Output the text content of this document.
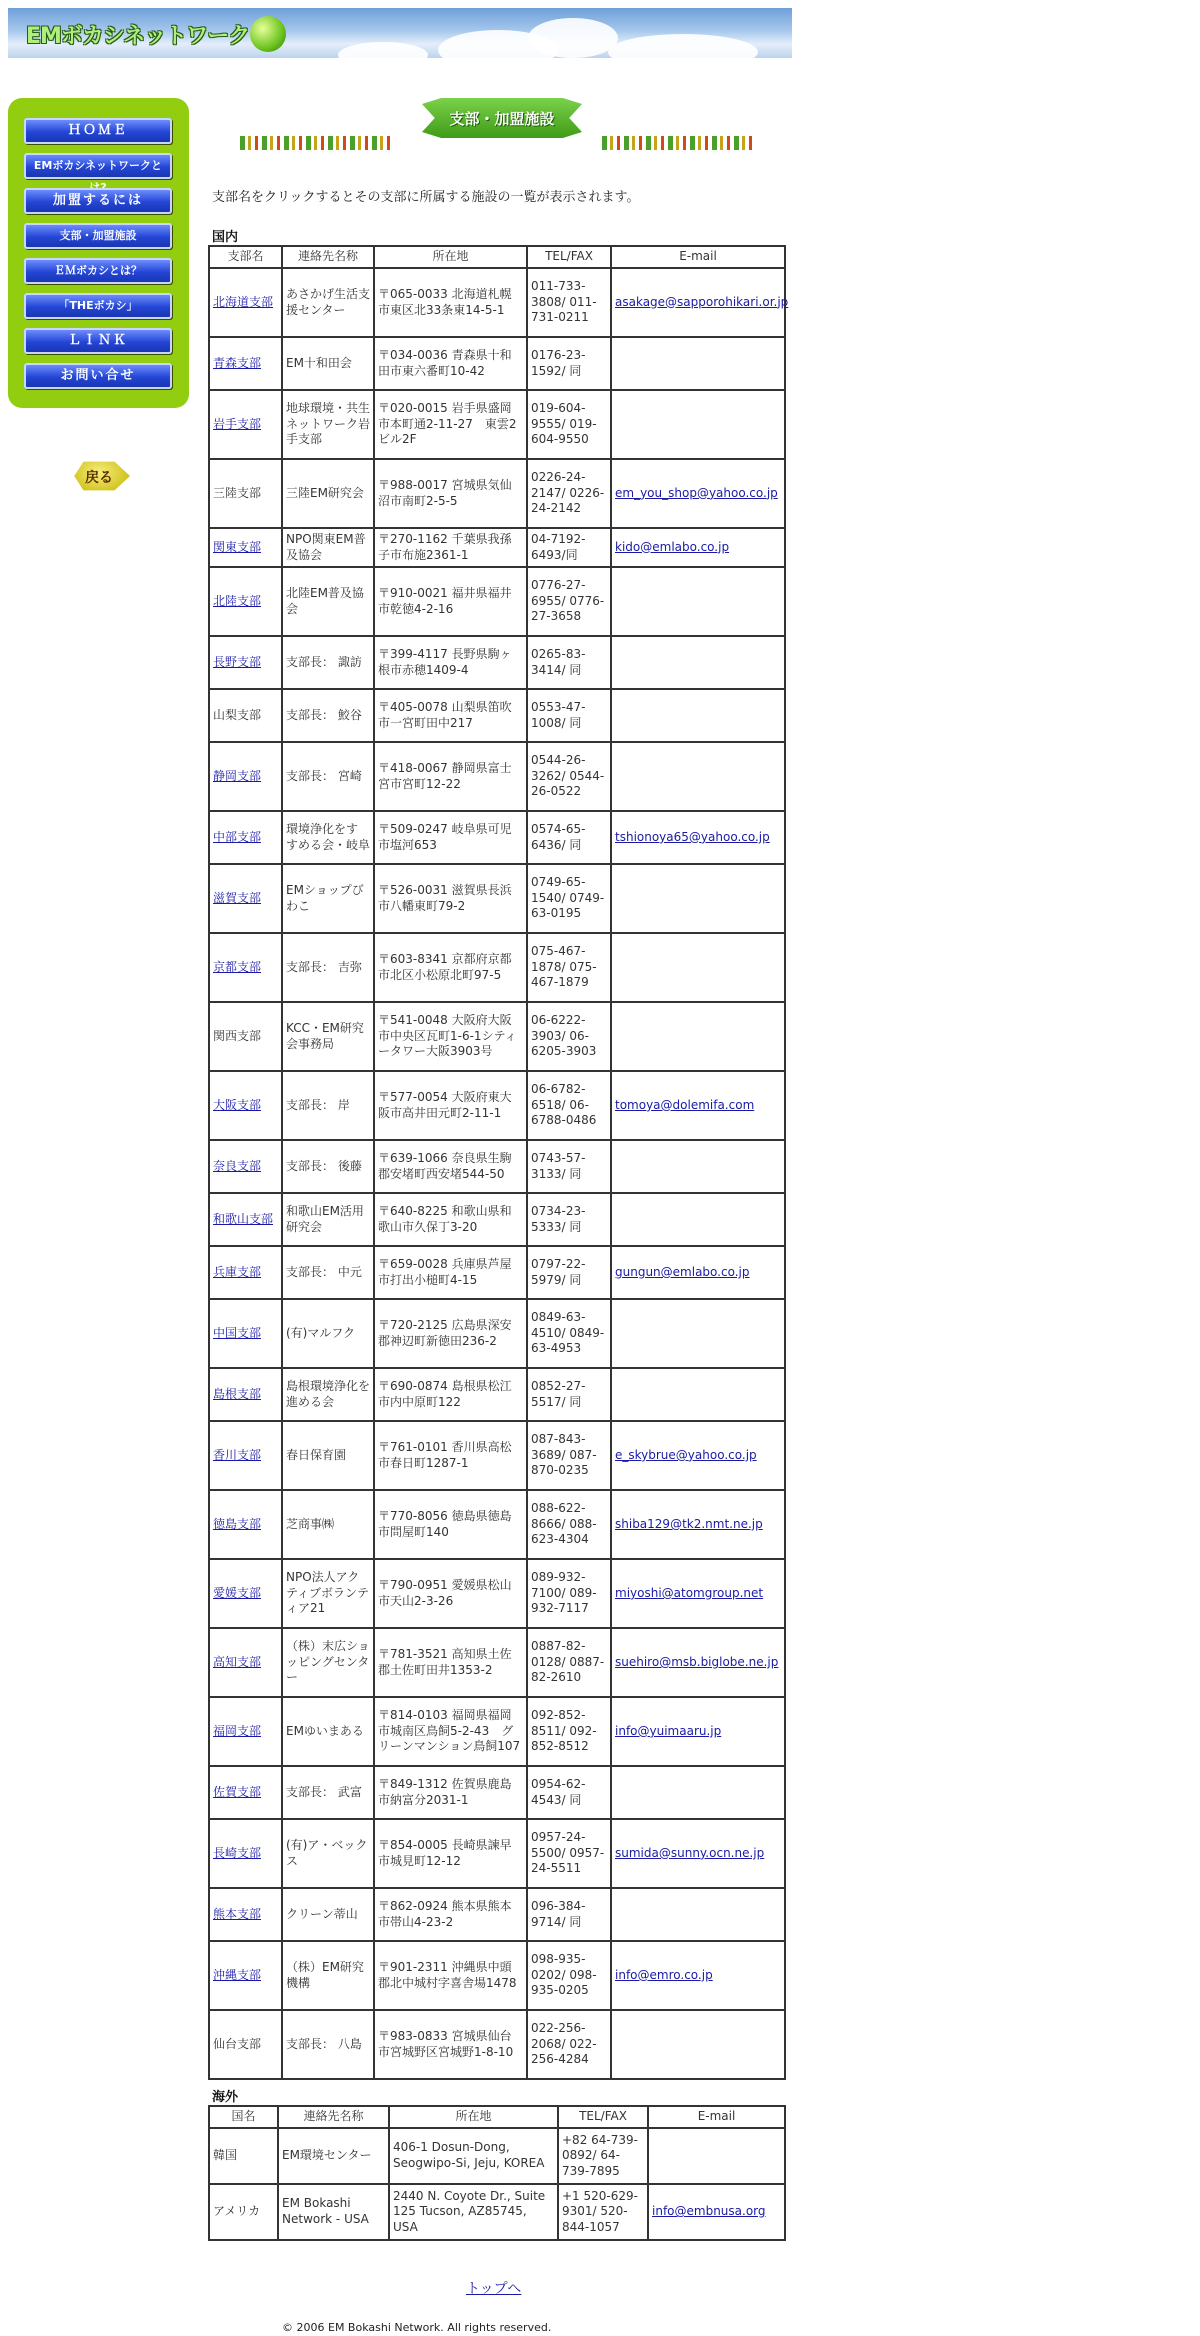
EMボカシネットワーク
ＨＯＭＥ
EMボカシネットワークと
加盟するには
支部・加盟施設
ＥＭボカシとは？
「THEボカシ」
ＬＩＮＫ
お問い合せ
戻る
支部・加盟施設
支部名をクリックするとその支部に所属する施設の一覧が表示されます。
国内
支部名	連絡先名称	所在地	TEL/FAX	E-mail
北海道支部	あさかげ生活支援センター	〒065-0033 北海道札幌市東区北33条東14-5-1	011-733-3808/ 011-731-0211	asakage@sapporohikari.or.jp
青森支部	EM十和田会	〒034-0036 青森県十和田市東六番町10-42	0176-23-1592/ 同	
岩手支部	地球環境・共生ネットワーク岩手支部	〒020-0015 岩手県盛岡市本町通2-11-27　東雲2ビル2F	019-604-9555/ 019-604-9550	
三陸支部	三陸EM研究会	〒988-0017 宮城県気仙沼市南町2-5-5	0226-24-2147/ 0226-24-2142	em_you_shop@yahoo.co.jp
関東支部	NPO関東EM普及協会	〒270-1162 千葉県我孫子市布施2361-1	04-7192-6493/同	kido@emlabo.co.jp
北陸支部	北陸EM普及協会	〒910-0021 福井県福井市乾徳4-2-16	0776-27-6955/ 0776-27-3658	
長野支部	支部長： 諏訪	〒399-4117 長野県駒ヶ根市赤穂1409-4	0265-83-3414/ 同	
山梨支部	支部長： 鮫谷	〒405-0078 山梨県笛吹市一宮町田中217	0553-47-1008/ 同	
静岡支部	支部長： 宮崎	〒418-0067 静岡県富士宮市宮町12-22	0544-26-3262/ 0544-26-0522	
中部支部	環境浄化をすすめる会・岐阜	〒509-0247 岐阜県可児市塩河653	0574-65-6436/ 同	tshionoya65@yahoo.co.jp
滋賀支部	EMショップびわこ	〒526-0031 滋賀県長浜市八幡東町79-2	0749-65-1540/ 0749-63-0195	
京都支部	支部長： 吉弥	〒603-8341 京都府京都市北区小松原北町97-5	075-467-1878/ 075-467-1879	
関西支部	KCC・EM研究会事務局	〒541-0048 大阪府大阪市中央区瓦町1-6-1シティータワー大阪3903号	06-6222-3903/ 06-6205-3903	
大阪支部	支部長： 岸	〒577-0054 大阪府東大阪市高井田元町2-11-1	06-6782-6518/ 06-6788-0486	tomoya@dolemifa.com
奈良支部	支部長： 後藤	〒639-1066 奈良県生駒郡安堵町西安堵544-50	0743-57-3133/ 同	
和歌山支部	和歌山EM活用研究会	〒640-8225 和歌山県和歌山市久保丁3-20	0734-23-5333/ 同	
兵庫支部	支部長： 中元	〒659-0028 兵庫県芦屋市打出小槌町4-15	0797-22-5979/ 同	gungun@emlabo.co.jp
中国支部	(有)マルフク	〒720-2125 広島県深安郡神辺町新徳田236-2	0849-63-4510/ 0849-63-4953	
島根支部	島根環境浄化を進める会	〒690-0874 島根県松江市内中原町122	0852-27-5517/ 同	
香川支部	春日保育園	〒761-0101 香川県高松市春日町1287-1	087-843-3689/ 087-870-0235	e_skybrue@yahoo.co.jp
徳島支部	芝商事㈱	〒770-8056 徳島県徳島市問屋町140	088-622-8666/ 088-623-4304	shiba129@tk2.nmt.ne.jp
愛媛支部	NPO法人アクティブボランティア21	〒790-0951 愛媛県松山市天山2-3-26	089-932-7100/ 089-932-7117	miyoshi@atomgroup.net
高知支部	（株）末広ショッピングセンター	〒781-3521 高知県土佐郡土佐町田井1353-2	0887-82-0128/ 0887-82-2610	suehiro@msb.biglobe.ne.jp
福岡支部	EMゆいまある	〒814-0103 福岡県福岡市城南区鳥飼5-2-43　グリーンマンション鳥飼107	092-852-8511/ 092-852-8512	info@yuimaaru.jp
佐賀支部	支部長： 武富	〒849-1312 佐賀県鹿島市納富分2031-1	0954-62-4543/ 同	
長崎支部	(有)ア・ベックス	〒854-0005 長崎県諫早市城見町12-12	0957-24-5500/ 0957-24-5511	sumida@sunny.ocn.ne.jp
熊本支部	クリーン蒂山	〒862-0924 熊本県熊本市帯山4-23-2	096-384-9714/ 同	
沖縄支部	（株）EM研究機構	〒901-2311 沖縄県中頭郡北中城村字喜舎場1478	098-935-0202/ 098-935-0205	info@emro.co.jp
仙台支部	支部長： 八島	〒983-0833 宮城県仙台市宮城野区宮城野1-8-10	022-256-2068/ 022-256-4284	
海外
国名	連絡先名称	所在地	TEL/FAX	E-mail
韓国	EM環境センター	406-1 Dosun-Dong, Seogwipo-Si, Jeju, KOREA	+82 64-739-0892/ 64-739-7895	
アメリカ	EM Bokashi Network - USA	2440 N. Coyote Dr., Suite 125 Tucson, AZ85745, USA	+1 520-629-9301/ 520-844-1057	info@embnusa.org
トップへ
© 2006 EM Bokashi Network. All rights reserved.
